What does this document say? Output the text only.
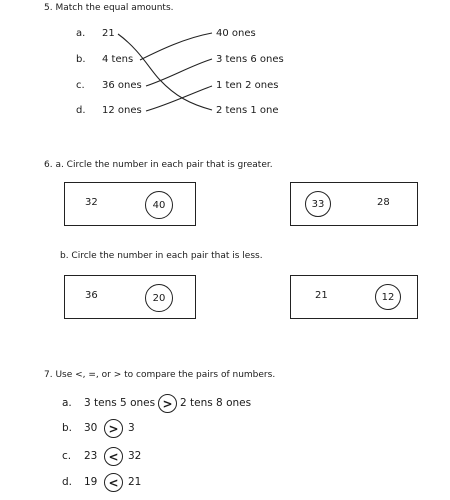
5. Match the equal amounts.
a. 21	40 ones
b. 4 tens	3 tens 6 ones
c. 36 ones	1 ten 2 ones
d. 12 ones	2 tens 1 one
6. a. Circle the number in each pair that is greater.
32	40	33	28
b. Circle the number in each pair that is less.
36	20	21	12
7. Use <, =, or > to compare the pairs of numbers.
a. 3 tens 5 ones > 2 tens 8 ones
b. 30 > 3
c. 23 < 32
d. 19 < 21
